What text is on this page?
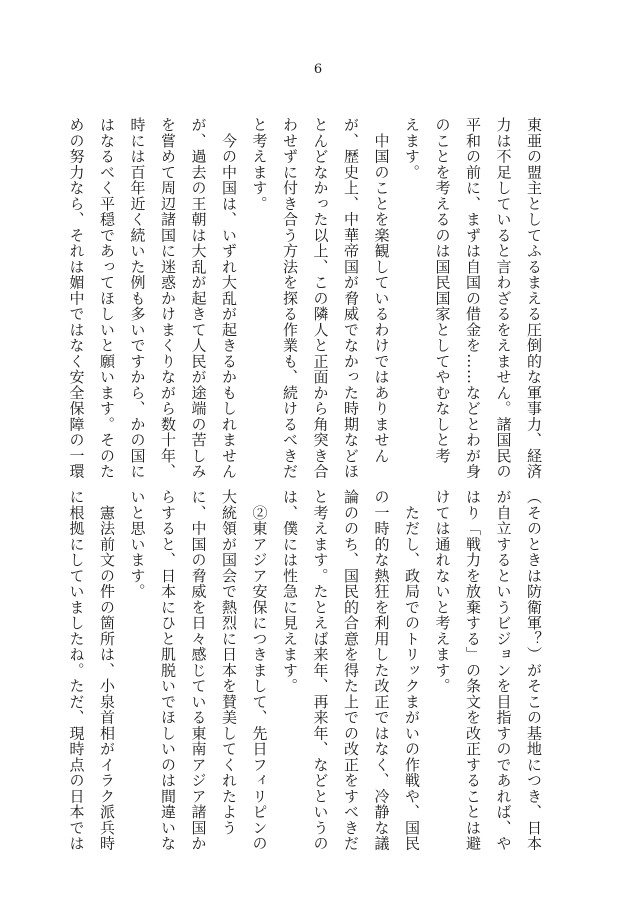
6
東亜の盟主としてふるまえる圧倒的な軍事力、経済
力は不足していると言わざるをえません。諸国民の
平和の前に、まずは自国の借金を……などとわが身
のことを考えるのは国民国家としてやむなしと考
えます。
　中国のことを楽観しているわけではありません
が、歴史上、中華帝国が脅威でなかった時期などほ
とんどなかった以上、この隣人と正面から角突き合
わせずに付き合う方法を探る作業も、続けるべきだ
と考えます。
　今の中国は、いずれ大乱が起きるかもしれません
が、過去の王朝は大乱が起きて人民が途端の苦しみ
を嘗めて周辺諸国に迷惑かけまくりながら数十年、
時には百年近く続いた例も多いですから、かの国に
はなるべく平穏であってほしいと願います。そのた
めの努力なら、それは媚中ではなく安全保障の一環
（そのときは防衛軍？）がそこの基地につき、日本
が自立するというビジョンを目指すのであれば、や
はり「戦力を放棄する」の条文を改正することは避
けては通れないと考えます。
　ただし、政局でのトリックまがいの作戦や、国民
の一時的な熱狂を利用した改正ではなく、冷静な議
論ののち、国民的合意を得た上での改正をすべきだ
と考えます。たとえば来年、再来年、などというの
は、僕には性急に見えます。
　②東アジア安保につきまして、先日フィリピンの
大統領が国会で熱烈に日本を賛美してくれたよう
に、中国の脅威を日々感じている東南アジア諸国か
らすると、日本にひと肌脱いでほしいのは間違いな
いと思います。
　憲法前文の件の箇所は、小泉首相がイラク派兵時
に根拠にしていましたね。ただ、現時点の日本では
